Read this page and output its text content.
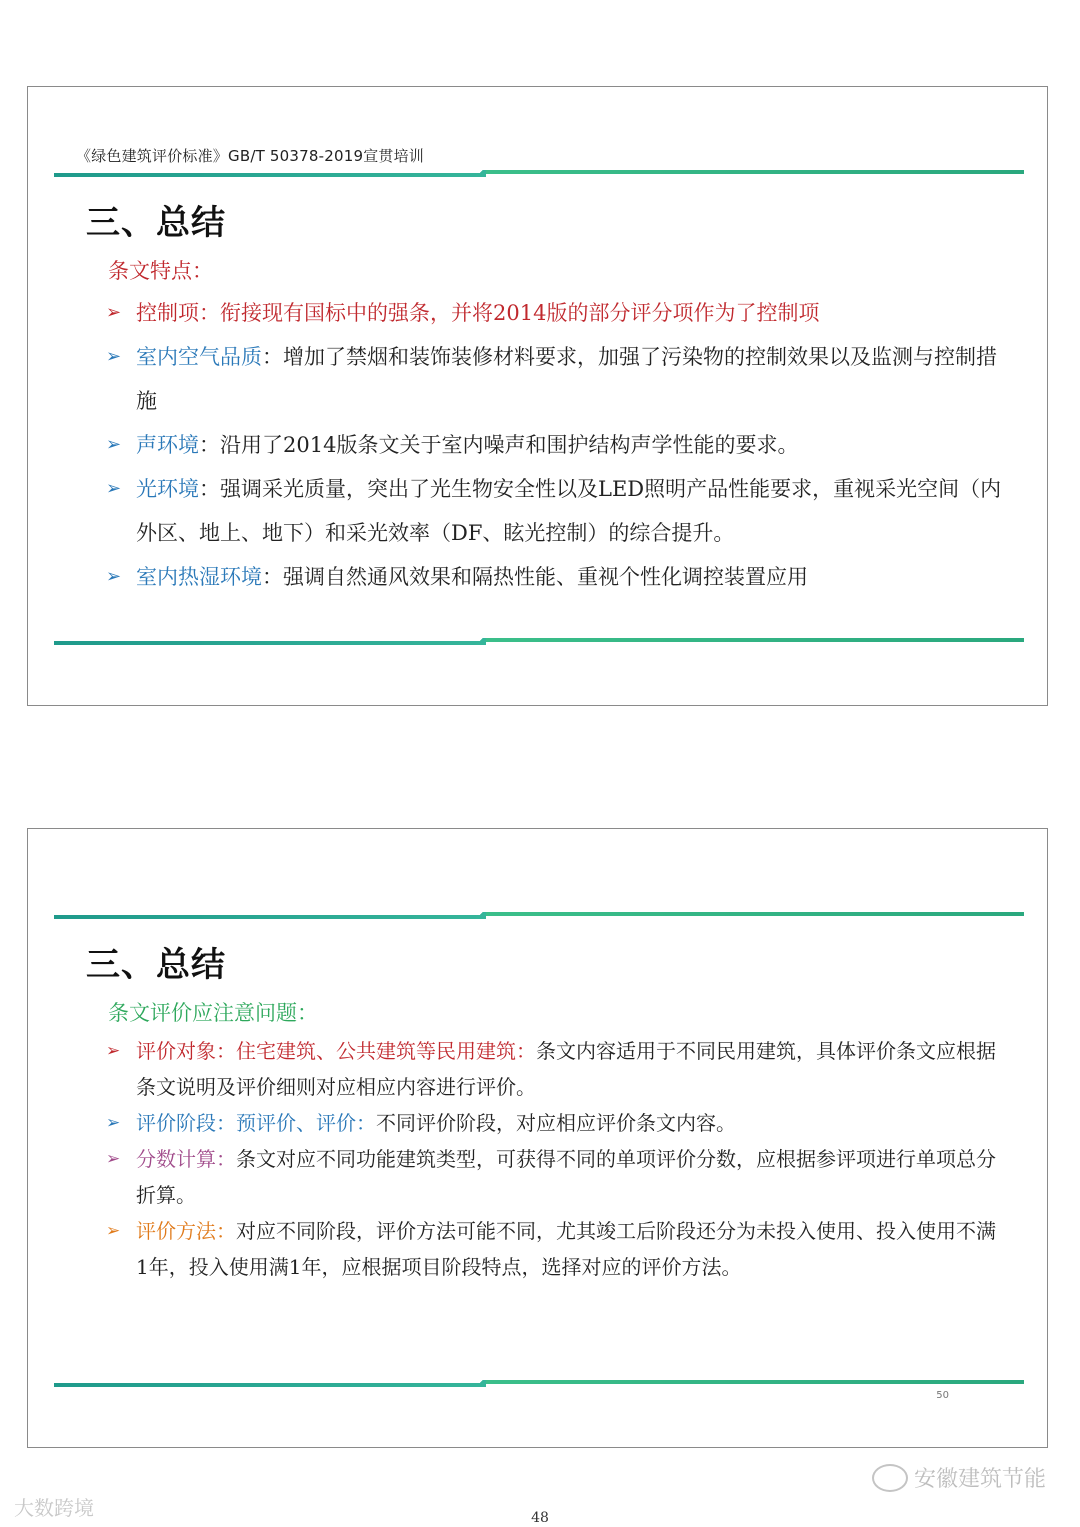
《绿色建筑评价标准》GB/T 50378-2019宣贯培训
三、总结
条文特点：
➢ 控制项：衔接现有国标中的强条，并将2014版的部分评分项作为了控制项
➢ 室内空气品质：增加了禁烟和装饰装修材料要求，加强了污染物的控制效果以及监测与控制措施
➢ 声环境：沿用了2014版条文关于室内噪声和围护结构声学性能的要求。
➢ 光环境：强调采光质量，突出了光生物安全性以及LED照明产品性能要求，重视采光空间（内外区、地上、地下）和采光效率（DF、眩光控制）的综合提升。
➢ 室内热湿环境：强调自然通风效果和隔热性能、重视个性化调控装置应用
三、总结
条文评价应注意问题：
➢ 评价对象：住宅建筑、公共建筑等民用建筑：条文内容适用于不同民用建筑，具体评价条文应根据条文说明及评价细则对应相应内容进行评价。
➢ 评价阶段：预评价、评价：不同评价阶段，对应相应评价条文内容。
➢ 分数计算：条文对应不同功能建筑类型，可获得不同的单项评价分数，应根据参评项进行单项总分折算。
➢ 评价方法：对应不同阶段，评价方法可能不同，尤其竣工后阶段还分为未投入使用、投入使用不满1年，投入使用满1年，应根据项目阶段特点，选择对应的评价方法。
50
安徽建筑节能
大数跨境	48
